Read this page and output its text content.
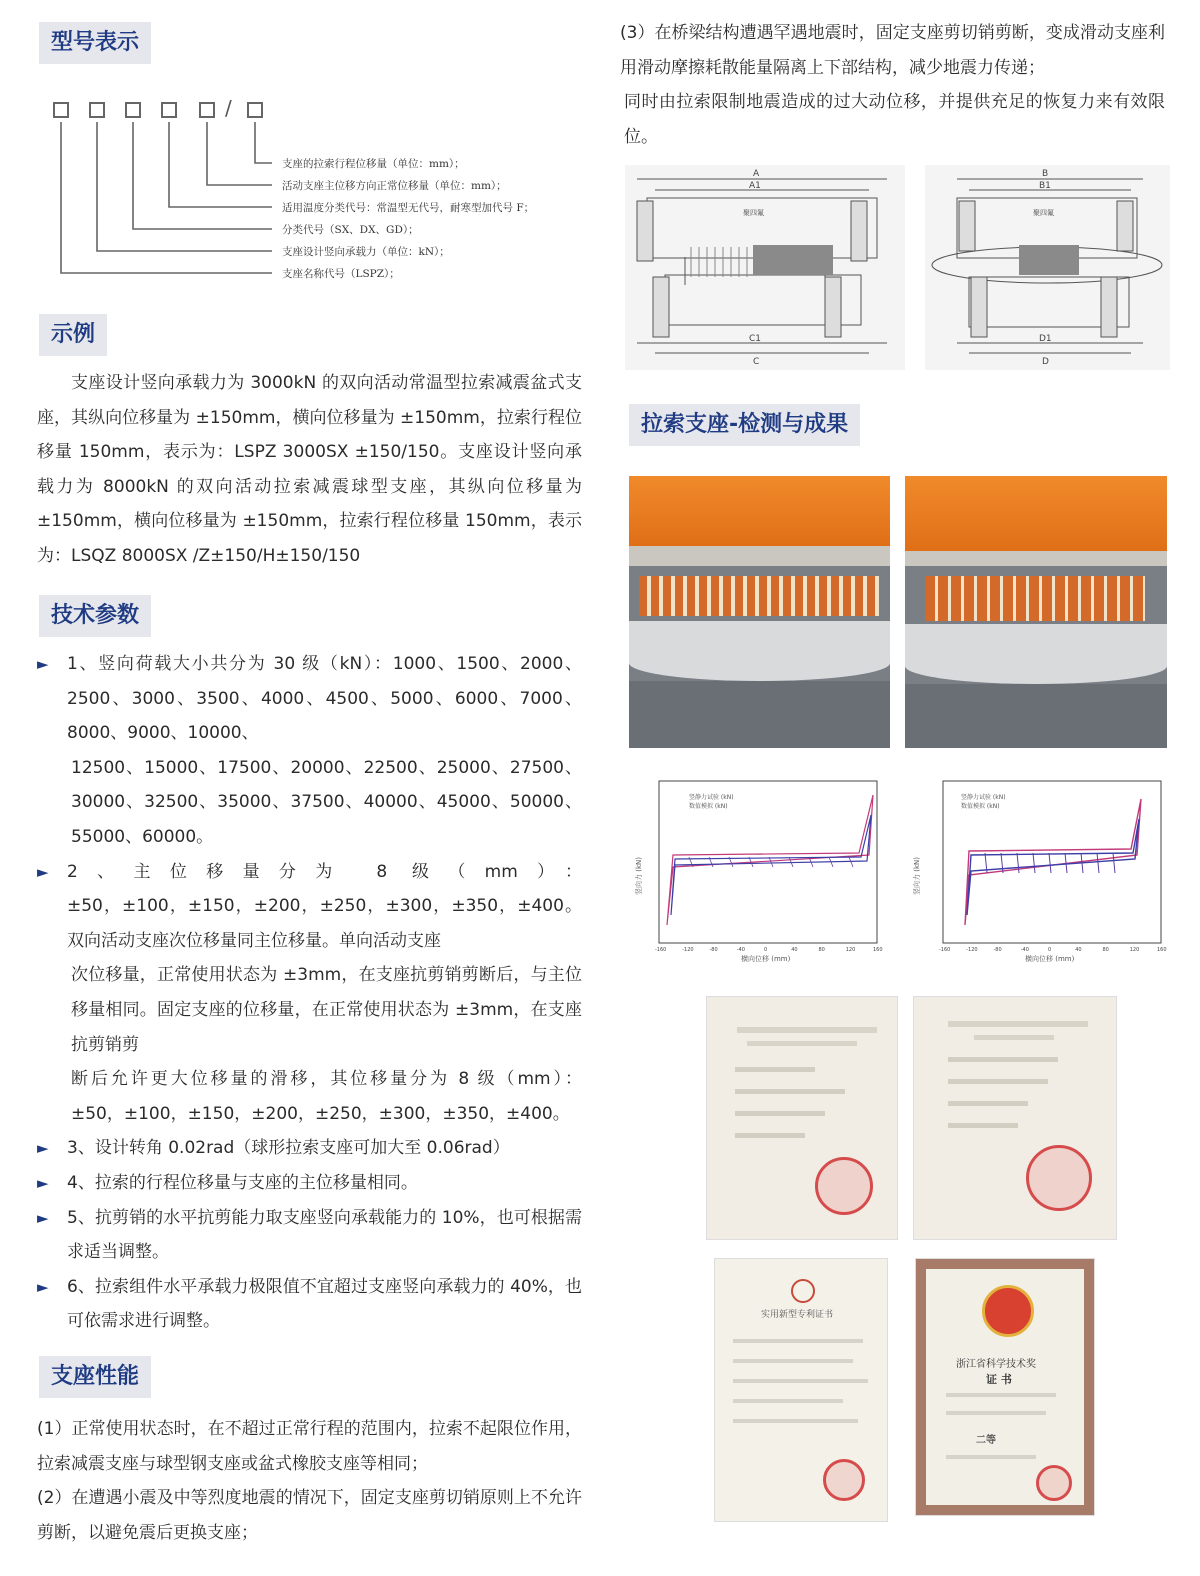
型号表示
/
支座的拉索行程位移量（单位：mm）；
活动支座主位移方向正常位移量（单位：mm）；
适用温度分类代号：常温型无代号，耐寒型加代号 F；
分类代号（SX、DX、GD）；
支座设计竖向承载力（单位：kN）；
支座名称代号（LSPZ）；
示例

支座设计竖向承载力为 3000kN 的双向活动常温型拉索减震盆式支座，其纵向位移量为 ±150mm，横向位移量为 ±150mm，拉索行程位移量 150mm，表示为：LSPZ 3000SX ±150/150。支座设计竖向承载力为 8000kN 的双向活动拉索减震球型支座，其纵向位移量为 ±150mm，横向位移量为 ±150mm，拉索行程位移量 150mm，表示为：LSQZ 8000SX /Z±150/H±150/150

技术参数

► 1、竖向荷载大小共分为 30 级（kN）：1000、1500、2000、2500、3000、3500、4000、4500、5000、6000、7000、8000、9000、10000、

12500、15000、17500、20000、22500、25000、27500、30000、32500、35000、37500、40000、45000、50000、55000、60000。

► 2、主位移量分为 8 级（mm）：±50，±100，±150，±200，±250，±300，±350，±400。双向活动支座次位移量同主位移量。单向活动支座

次位移量，正常使用状态为 ±3mm，在支座抗剪销剪断后，与主位移量相同。固定支座的位移量，在正常使用状态为 ±3mm，在支座抗剪销剪

断后允许更大位移量的滑移，其位移量分为 8 级（mm）：±50，±100，±150，±200，±250，±300，±350，±400。

► 3、设计转角 0.02rad（球形拉索支座可加大至 0.06rad）

► 4、拉索的行程位移量与支座的主位移量相同。

► 5、抗剪销的水平抗剪能力取支座竖向承载能力的 10%，也可根据需求适当调整。

► 6、拉索组件水平承载力极限值不宜超过支座竖向承载力的 40%，也可依需求进行调整。

支座性能

(1）正常使用状态时，在不超过正常行程的范围内，拉索不起限位作用，拉索减震支座与球型钢支座或盆式橡胶支座等相同；

(2）在遭遇小震及中等烈度地震的情况下，固定支座剪切销原则上不允许剪断，以避免震后更换支座；

(3）在桥梁结构遭遇罕遇地震时，固定支座剪切销剪断，变成滑动支座利用滑动摩擦耗散能量隔离上下部结构，减少地震力传递；

同时由拉索限制地震造成的过大动位移，并提供充足的恢复力来有效限位。

A
A1
聚四氟
C1
C
B
B1
聚四氟
D1
D
拉索支座-检测与成果
竖向力 (kN)
横向位移 (mm)
竖静力试验 (kN)
数值模拟 (kN)
-160	-120	-80	-40	0	40	80	120	160
竖向力 (kN)
横向位移 (mm)
竖静力试验 (kN)
数值模拟 (kN)
-160	-120	-80	-40	0	40	80	120	160
实用新型专利证书
浙江省科学技术奖
证 书
二等
